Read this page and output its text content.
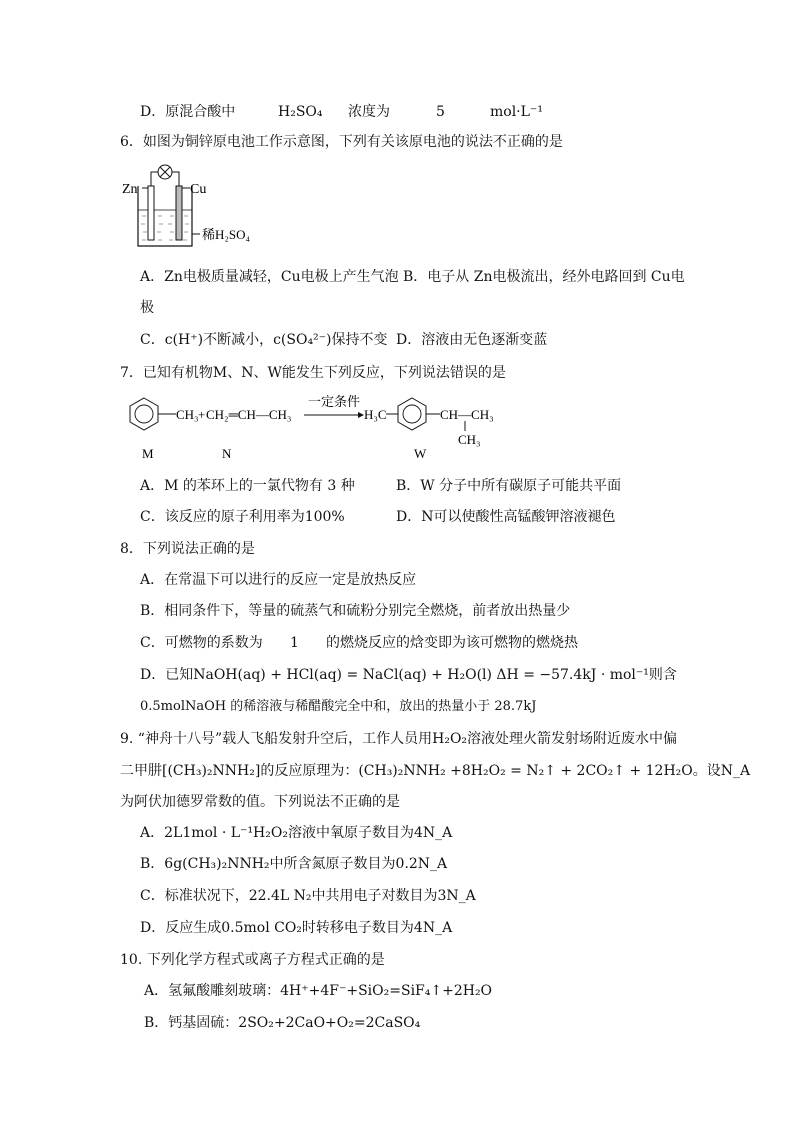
D．原混合酸中	H₂SO₄ 浓度为	5	mol·L⁻¹
6．如图为铜锌原电池工作示意图，下列有关该原电池的说法不正确的是
Zn	Cu
稀H₂SO₄
A．Zn电极质量减轻，Cu电极上产生气泡 B．电子从 Zn电极流出，经外电路回到 Cu电
极
C．c(H⁺)不断减小，c(SO₄²⁻)保持不变 D．溶液由无色逐渐变蓝
7．已知有机物M、N、W能发生下列反应，下列说法错误的是
CH₃ + CH₂═CH—CH₃
一定条件
H₃C	CH—CH₃
CH₃
M	N	W
A．M 的苯环上的一氯代物有 3 种	B．W 分子中所有碳原子可能共平面
C．该反应的原子利用率为100%	D．N可以使酸性高锰酸钾溶液褪色
8．下列说法正确的是
A．在常温下可以进行的反应一定是放热反应
B．相同条件下，等量的硫蒸气和硫粉分别完全燃烧，前者放出热量少
C．可燃物的系数为 1 的燃烧反应的焓变即为该可燃物的燃烧热
D．已知NaOH(aq) + HCl(aq) = NaCl(aq) + H₂O(l) ΔH = −57.4kJ · mol⁻¹则含
0.5molNaOH 的稀溶液与稀醋酸完全中和，放出的热量小于 28.7kJ
9. “神舟十八号”载人飞船发射升空后，工作人员用H₂O₂溶液处理火箭发射场附近废水中偏
二甲肼[(CH₃)₂NNH₂]的反应原理为：(CH₃)₂NNH₂ +8H₂O₂ = N₂↑ + 2CO₂↑ + 12H₂O。设N_A
为阿伏加德罗常数的值。下列说法不正确的是
A．2L1mol · L⁻¹H₂O₂溶液中氧原子数目为4N_A
B．6g(CH₃)₂NNH₂中所含氮原子数目为0.2N_A
C．标准状况下，22.4L N₂中共用电子对数目为3N_A
D．反应生成0.5mol CO₂时转移电子数目为4N_A
10. 下列化学方程式或离子方程式正确的是
A．氢氟酸雕刻玻璃：4H⁺+4F⁻+SiO₂=SiF₄↑+2H₂O
B．钙基固硫：2SO₂+2CaO+O₂=2CaSO₄
